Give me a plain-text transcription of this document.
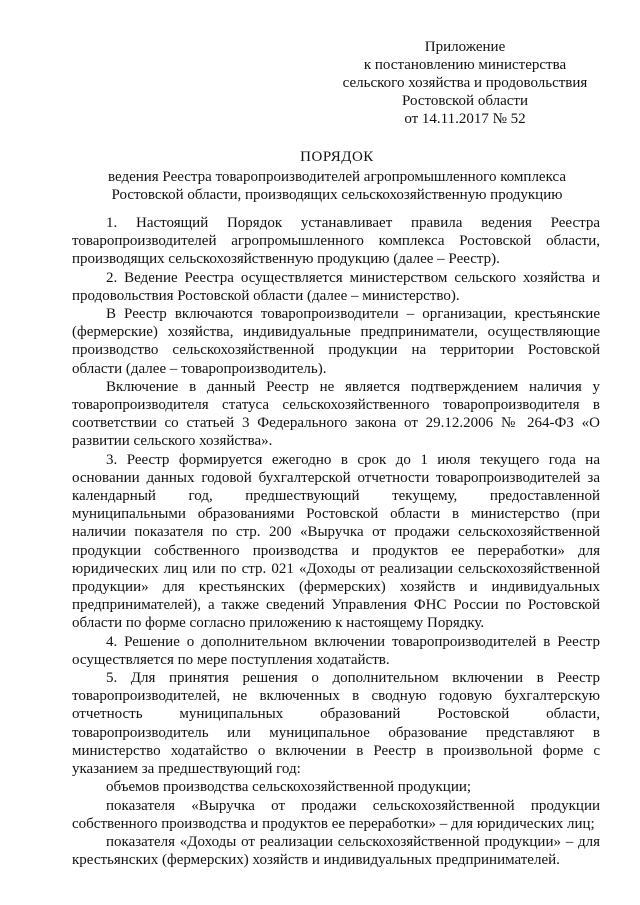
Приложение
к постановлению министерства
сельского хозяйства и продовольствия
Ростовской области
от 14.11.2017 № 52
ПОРЯДОК
ведения Реестра товаропроизводителей агропромышленного комплекса
Ростовской области, производящих сельскохозяйственную продукцию

1. Настоящий Порядок устанавливает правила ведения Реестра товаропроизводителей агропромышленного комплекса Ростовской области, производящих сельскохозяйственную продукцию (далее – Реестр).

2. Ведение Реестра осуществляется министерством сельского хозяйства и продовольствия Ростовской области (далее – министерство).

В Реестр включаются товаропроизводители – организации, крестьянские (фермерские) хозяйства, индивидуальные предприниматели, осуществляющие производство сельскохозяйственной продукции на территории Ростовской области (далее – товаропроизводитель).

Включение в данный Реестр не является подтверждением наличия у товаропроизводителя статуса сельскохозяйственного товаропроизводителя в соответствии со статьей 3 Федерального закона от 29.12.2006 № 264-ФЗ «О развитии сельского хозяйства».

3. Реестр формируется ежегодно в срок до 1 июля текущего года на основании данных годовой бухгалтерской отчетности товаропроизводителей за календарный год, предшествующий текущему, предоставленной муниципальными образованиями Ростовской области в министерство (при наличии показателя по стр. 200 «Выручка от продажи сельскохозяйственной продукции собственного производства и продуктов ее переработки» для юридических лиц или по стр. 021 «Доходы от реализации сельскохозяйственной продукции» для крестьянских (фермерских) хозяйств и индивидуальных предпринимателей), а также сведений Управления ФНС России по Ростовской области по форме согласно приложению к настоящему Порядку.

4. Решение о дополнительном включении товаропроизводителей в Реестр осуществляется по мере поступления ходатайств.

5. Для принятия решения о дополнительном включении в Реестр товаропроизводителей, не включенных в сводную годовую бухгалтерскую отчетность муниципальных образований Ростовской области, товаропроизводитель или муниципальное образование представляют в министерство ходатайство о включении в Реестр в произвольной форме с указанием за предшествующий год:

объемов производства сельскохозяйственной продукции;

показателя «Выручка от продажи сельскохозяйственной продукции собственного производства и продуктов ее переработки» – для юридических лиц;

показателя «Доходы от реализации сельскохозяйственной продукции» – для крестьянских (фермерских) хозяйств и индивидуальных предпринимателей.
